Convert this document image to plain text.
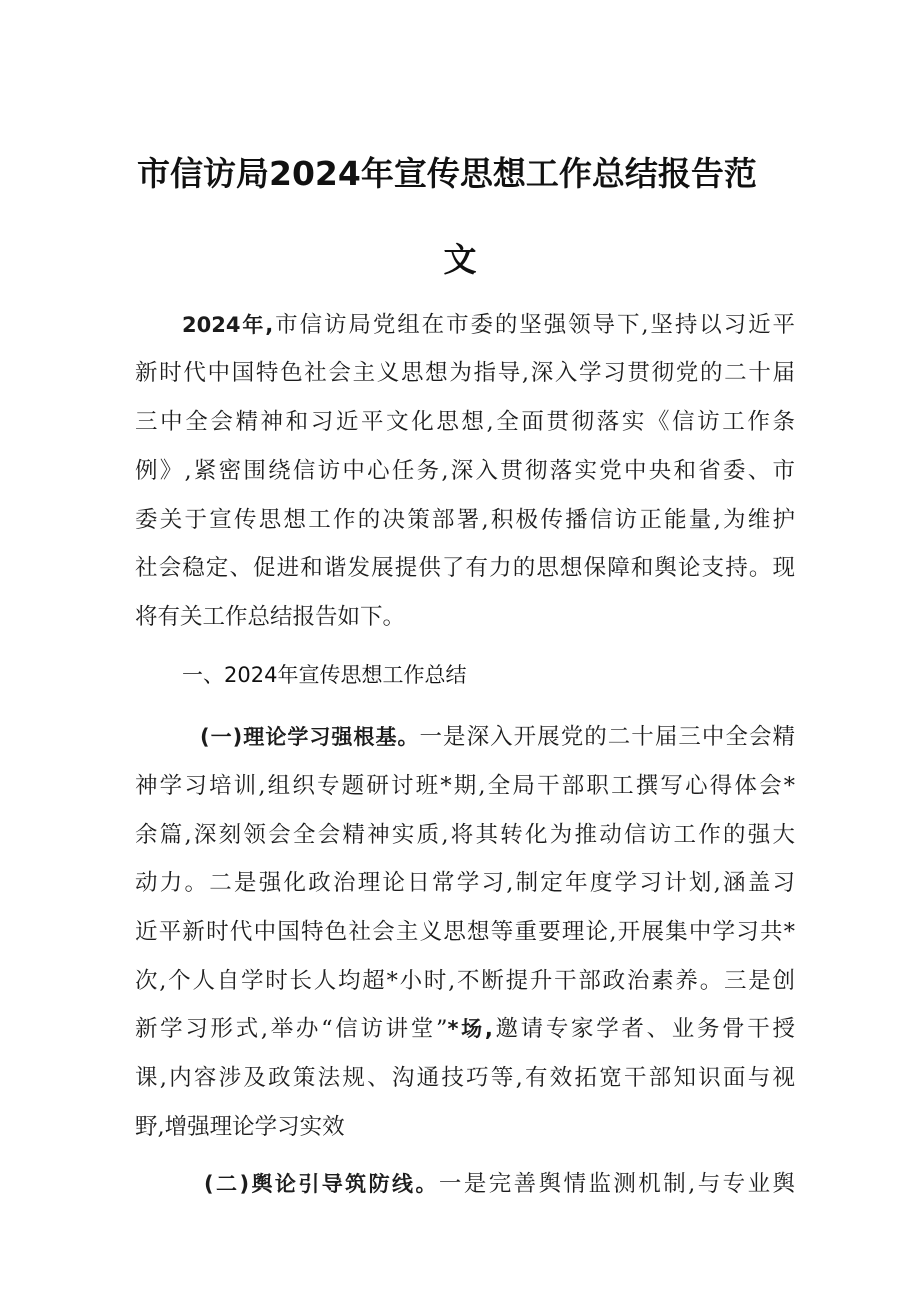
市信访局2024年宣传思想工作总结报告范
文
2024年,市信访局党组在市委的坚强领导下,坚持以习近平
新时代中国特色社会主义思想为指导,深入学习贯彻党的二十届
三中全会精神和习近平文化思想,全面贯彻落实《信访工作条
例》,紧密围绕信访中心任务,深入贯彻落实党中央和省委、市
委关于宣传思想工作的决策部署,积极传播信访正能量,为维护
社会稳定、促进和谐发展提供了有力的思想保障和舆论支持。现
将有关工作总结报告如下。
一、2024年宣传思想工作总结
(一)理论学习强根基。一是深入开展党的二十届三中全会精
神学习培训,组织专题研讨班*期,全局干部职工撰写心得体会*
余篇,深刻领会全会精神实质,将其转化为推动信访工作的强大
动力。二是强化政治理论日常学习,制定年度学习计划,涵盖习
近平新时代中国特色社会主义思想等重要理论,开展集中学习共*
次,个人自学时长人均超*小时,不断提升干部政治素养。三是创
新学习形式,举办“信访讲堂”*场,邀请专家学者、业务骨干授
课,内容涉及政策法规、沟通技巧等,有效拓宽干部知识面与视
野,增强理论学习实效
(二)舆论引导筑防线。一是完善舆情监测机制,与专业舆
